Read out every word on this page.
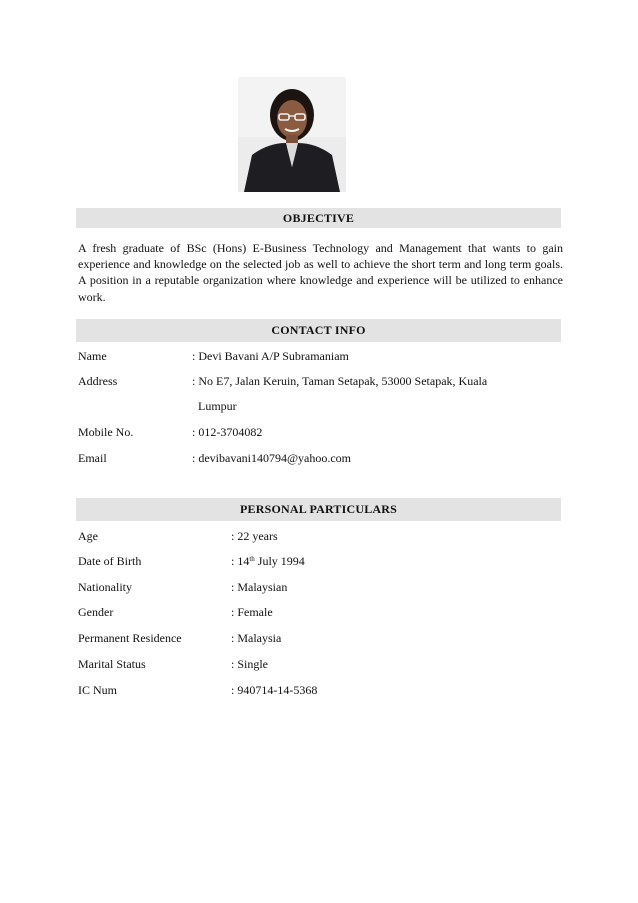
OBJECTIVE
A fresh graduate of BSc (Hons) E-Business Technology and Management that wants to gain experience and knowledge on the selected job as well to achieve the short term and long term goals. A position in a reputable organization where knowledge and experience will be utilized to enhance work.
CONTACT INFO
Name	: Devi Bavani A/P Subramaniam
Address	: No E7, Jalan Keruin, Taman Setapak, 53000 Setapak, Kuala
Lumpur
Mobile No.	: 012-3704082
Email	: devibavani140794@yahoo.com
PERSONAL PARTICULARS
Age	: 22 years
Date of Birth	: 14th July 1994
Nationality	: Malaysian
Gender	: Female
Permanent Residence	: Malaysia
Marital Status	: Single
IC Num	: 940714-14-5368
